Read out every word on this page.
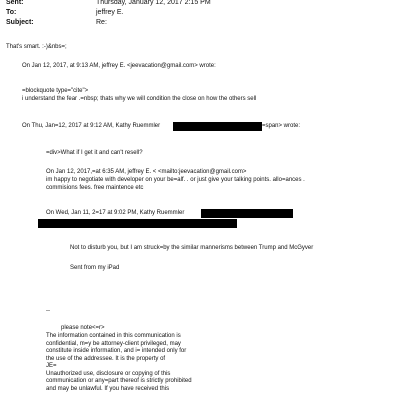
Sent:	Thursday, January 12, 2017 2:15 PM
To:	jeffrey E.
Subject:	Re:
That's smart. :-)&nbs=;
On Jan 12, 2017, at 9:13 AM, jeffrey E. <jeevacation@gmail.com> wrote:
=blockquote type="cite">
i understand the fear .=nbsp; thats why we will condition the close on how the others sell
On Thu, Jan=12, 2017 at 9:12 AM, Kathy Ruemmler	=span> wrote:
=div>What if I get it and can't resell?
On Jan 12, 2017,=at 6:35 AM, jeffrey E. < <mailto:jeevacation@gmail.com>
im happy to negotiate with developer on your be=alf. . or just give your talking points. allo=ances .
commisions fees. free maintence etc
On Wed, Jan 11, 2=17 at 9:02 PM, Kathy Ruemmler
Not to disturb you, but I am struck=by the similar mannerisms between Trump and McGyver
Sent from my iPad
--
please note<=r>
The information contained in this communication is
confidential, m=y be attorney-client privileged, may
constitute inside information, and i= intended only for
the use of the addressee. It is the property of
JE=
Unauthorized use, disclosure or copying of this
communication or any=part thereof is strictly prohibited
and may be unlawful. If you have received this
